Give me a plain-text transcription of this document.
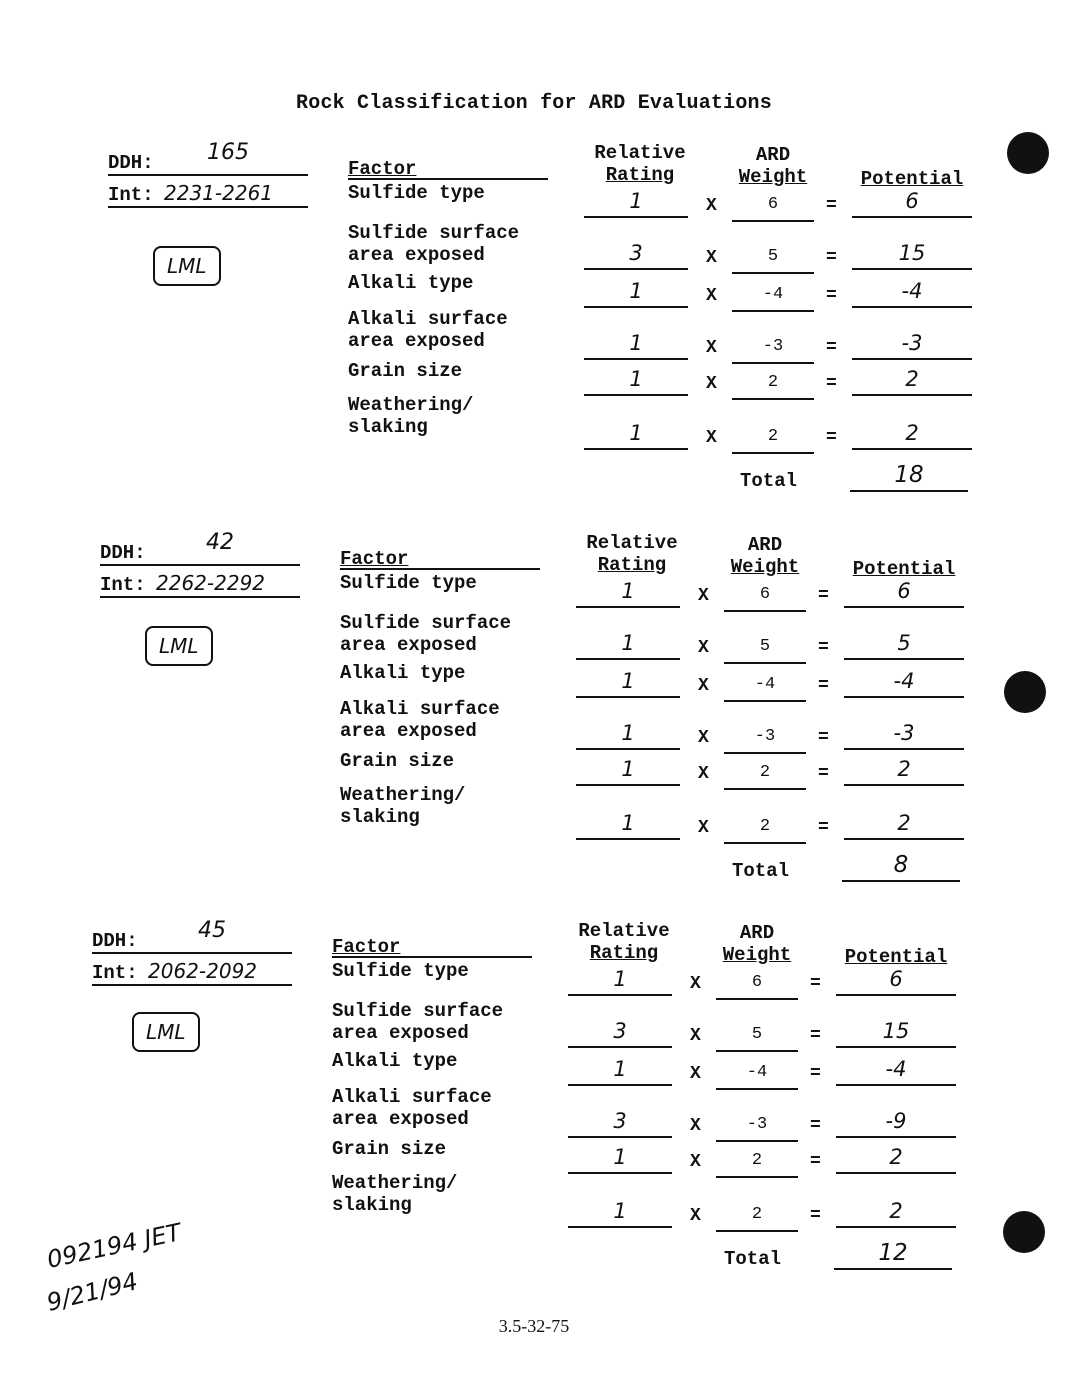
Rock Classification for ARD Evaluations
DDH:	165
Int: 2231-2261
LML
Factor
Relative
Rating
ARD
Weight	Potential
Sulfide type	1	X	6	=	6
Sulfide surface
area exposed	3	X	5	=	15
Alkali type	1	X	-4	=	-4
Alkali surface
area exposed	1	X	-3	=	-3
Grain size	1	X	2	=	2
Weathering/
slaking	1	X	2	=	2
Total	18
DDH:	42
Int: 2262-2292
LML
Factor
Relative
Rating
ARD
Weight	Potential
Sulfide type	1	X	6	=	6
Sulfide surface
area exposed	1	X	5	=	5
Alkali type	1	X	-4	=	-4
Alkali surface
area exposed	1	X	-3	=	-3
Grain size	1	X	2	=	2
Weathering/
slaking	1	X	2	=	2
Total	8
DDH:	45
Int: 2062-2092
LML
Factor
Relative
Rating
ARD
Weight	Potential
Sulfide type	1	X	6	=	6
Sulfide surface
area exposed	3	X	5	=	15
Alkali type	1	X	-4	=	-4
Alkali surface
area exposed	3	X	-3	=	-9
Grain size	1	X	2	=	2
Weathering/
slaking	1	X	2	=	2
Total	12
092194 JET
9/21/94
3.5-32-75
